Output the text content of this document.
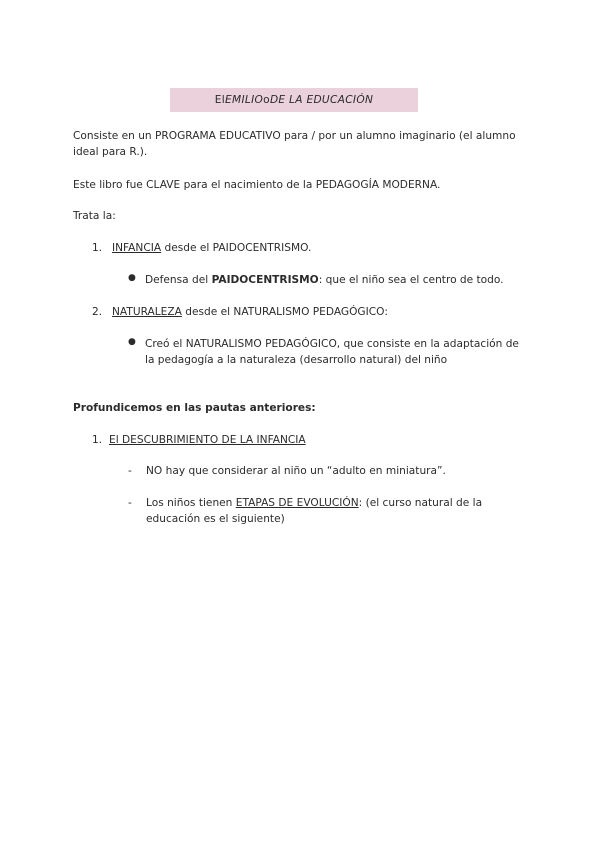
El EMILIO o DE LA EDUCACIÓN

Consiste en un PROGRAMA EDUCATIVO para / por un alumno imaginario (el alumno ideal para R.).

Este libro fue CLAVE para el nacimiento de la PEDAGOGÍA MODERNA.

Trata la:

1. INFANCIA desde el PAIDOCENTRISMO.
● Defensa del PAIDOCENTRISMO: que el niño sea el centro de todo.
2. NATURALEZA desde el NATURALISMO PEDAGÓGICO:
● Creó el NATURALISMO PEDAGÓGICO, que consiste en la adaptación de la pedagogía a la naturaleza (desarrollo natural) del niño

Profundicemos en las pautas anteriores:

1. El DESCUBRIMIENTO DE LA INFANCIA
- NO hay que considerar al niño un “adulto en miniatura”.
- Los niños tienen ETAPAS DE EVOLUCIÓN: (el curso natural de la educación es el siguiente)
